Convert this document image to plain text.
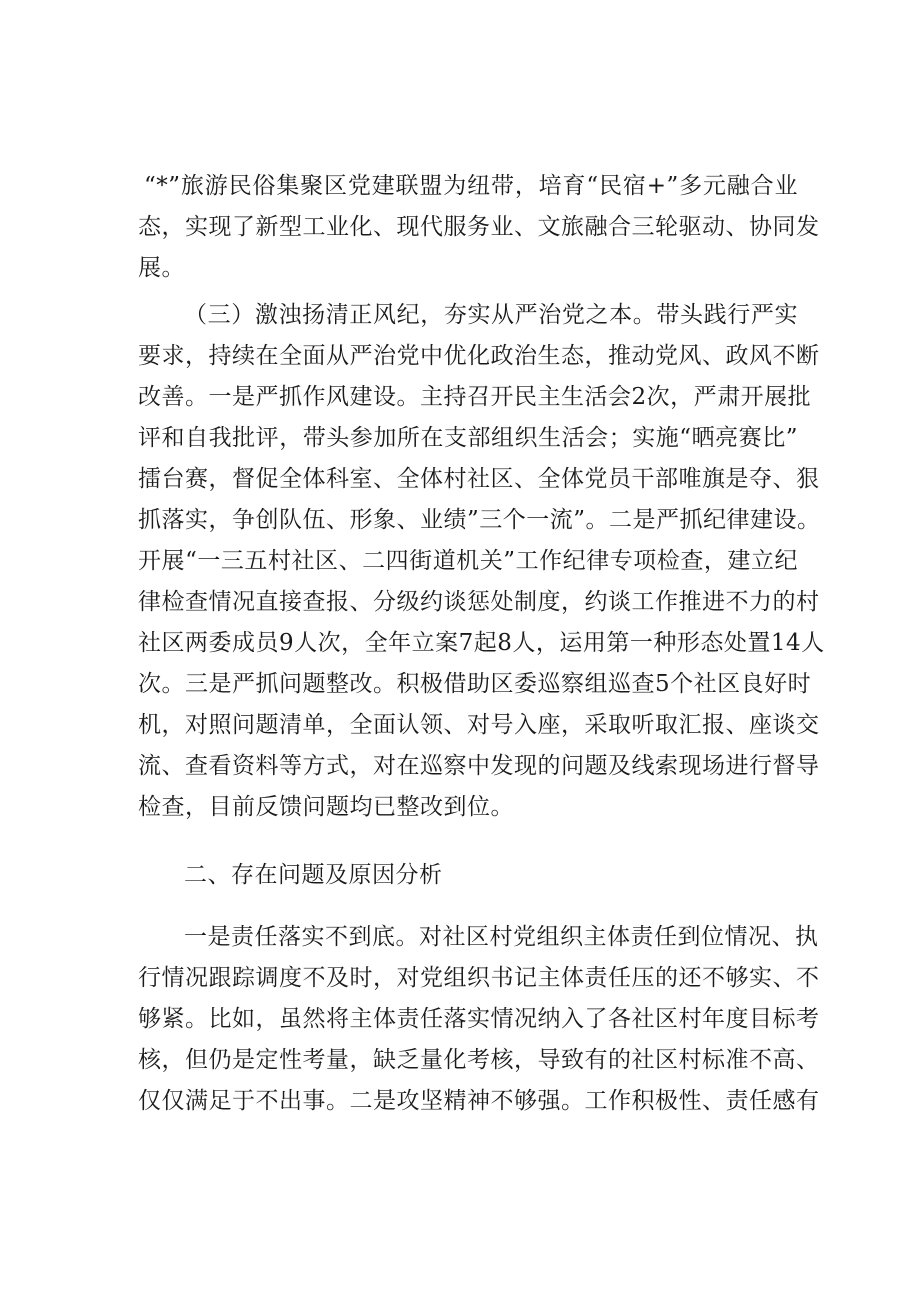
“*”旅游民俗集聚区党建联盟为纽带，培育“民宿+”多元融合业
态，实现了新型工业化、现代服务业、文旅融合三轮驱动、协同发
展。
（三）激浊扬清正风纪，夯实从严治党之本。带头践行严实
要求，持续在全面从严治党中优化政治生态，推动党风、政风不断
改善。一是严抓作风建设。主持召开民主生活会2次，严肃开展批
评和自我批评，带头参加所在支部组织生活会；实施“晒亮赛比”
擂台赛，督促全体科室、全体村社区、全体党员干部唯旗是夺、狠
抓落实，争创队伍、形象、业绩”三个一流”。二是严抓纪律建设。
开展“一三五村社区、二四街道机关”工作纪律专项检查，建立纪
律检查情况直接查报、分级约谈惩处制度，约谈工作推进不力的村
社区两委成员9人次，全年立案7起8人，运用第一种形态处置14人
次。三是严抓问题整改。积极借助区委巡察组巡查5个社区良好时
机，对照问题清单，全面认领、对号入座，采取听取汇报、座谈交
流、查看资料等方式，对在巡察中发现的问题及线索现场进行督导
检查，目前反馈问题均已整改到位。
二、存在问题及原因分析
一是责任落实不到底。对社区村党组织主体责任到位情况、执
行情况跟踪调度不及时，对党组织书记主体责任压的还不够实、不
够紧。比如，虽然将主体责任落实情况纳入了各社区村年度目标考
核，但仍是定性考量，缺乏量化考核，导致有的社区村标准不高、
仅仅满足于不出事。二是攻坚精神不够强。工作积极性、责任感有
